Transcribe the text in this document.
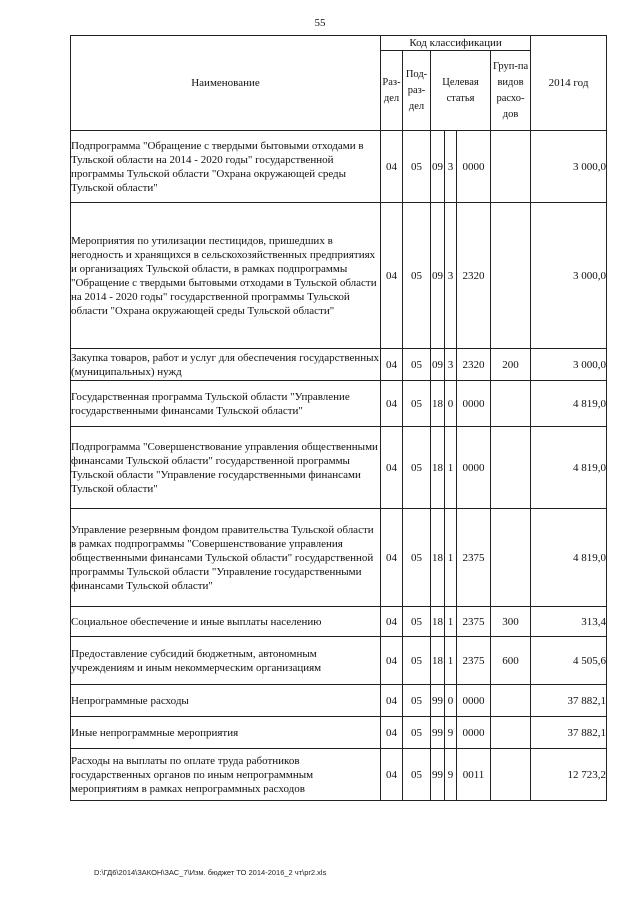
55
Наименование	Код классификации						2014 год
	Раз-дел	Под-раз-дел	Целевая статья			Груп-па видов расхо-дов	
Подпрограмма "Обращение с твердыми бытовыми отходами в Тульской области на 2014 - 2020 годы" государственной программы Тульской области "Охрана окружающей среды Тульской области"	04	05	09	3	0000		3 000,0
Мероприятия по утилизации пестицидов, пришедших в негодность и хранящихся в сельскохозяйственных предприятиях и организациях Тульской области, в рамках подпрограммы "Обращение с твердыми бытовыми отходами в Тульской области на 2014 - 2020 годы" государственной программы Тульской области "Охрана окружающей среды Тульской области"	04	05	09	3	2320		3 000,0
Закупка товаров, работ и услуг для обеспечения государственных (муниципальных) нужд	04	05	09	3	2320	200	3 000,0
Государственная программа Тульской области "Управление государственными финансами Тульской области"	04	05	18	0	0000		4 819,0
Подпрограмма "Совершенствование управления общественными финансами Тульской области" государственной программы Тульской области "Управление государственными финансами Тульской области"	04	05	18	1	0000		4 819,0
Управление резервным фондом правительства Тульской области в рамках подпрограммы "Совершенствование управления общественными финансами Тульской области" государственной программы Тульской области "Управление государственными финансами Тульской области"	04	05	18	1	2375		4 819,0
Социальное обеспечение и иные выплаты населению	04	05	18	1	2375	300	313,4
Предоставление субсидий бюджетным, автономным учреждениям и иным некоммерческим организациям	04	05	18	1	2375	600	4 505,6
Непрограммные расходы	04	05	99	0	0000		37 882,1
Иные непрограммные мероприятия	04	05	99	9	0000		37 882,1
Расходы на выплаты по оплате труда работников государственных органов по иным непрограммным мероприятиям в рамках непрограммных расходов	04	05	99	9	0011		12 723,2
D:\ГД6\2014\ЗАКОН\ЗАС_7\Изм. бюджет ТО 2014-2016_2 чт\pr2.xls
